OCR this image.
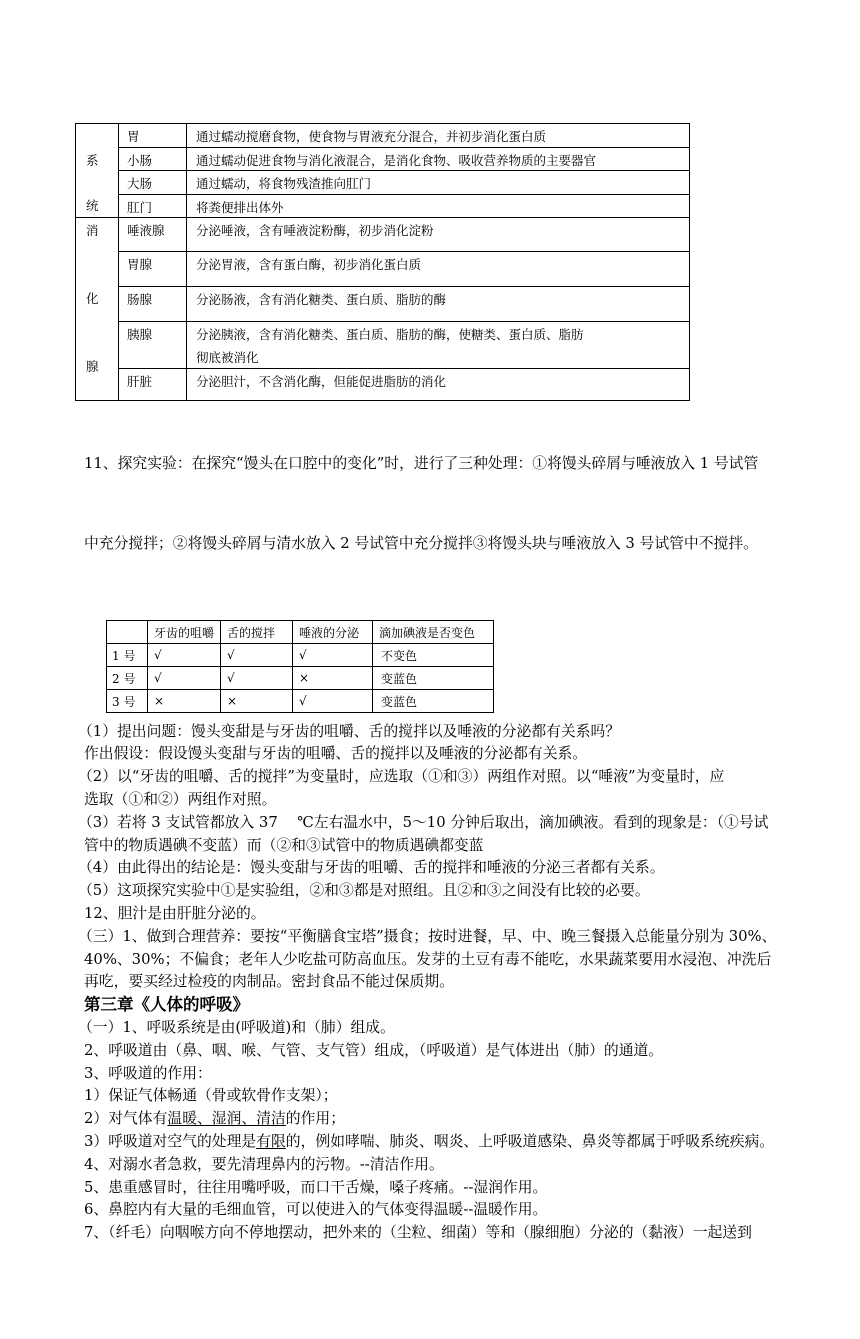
系
统
消
化
腺
胃	通过蠕动搅磨食物，使食物与胃液充分混合，并初步消化蛋白质
小肠	通过蠕动促进食物与消化液混合，是消化食物、吸收营养物质的主要器官
大肠	通过蠕动，将食物残渣推向肛门
肛门	将粪便排出体外
唾液腺	分泌唾液，含有唾液淀粉酶，初步消化淀粉
胃腺	分泌胃液，含有蛋白酶，初步消化蛋白质
肠腺	分泌肠液，含有消化糖类、蛋白质、脂肪的酶
胰腺	分泌胰液，含有消化糖类、蛋白质、脂肪的酶，使糖类、蛋白质、脂肪
彻底被消化
肝脏	分泌胆汁，不含消化酶，但能促进脂肪的消化

11、探究实验：在探究“馒头在口腔中的变化”时，进行了三种处理：①将馒头碎屑与唾液放入 1 号试管

中充分搅拌；②将馒头碎屑与清水放入 2 号试管中充分搅拌③将馒头块与唾液放入 3 号试管中不搅拌。

牙齿的咀嚼	舌的搅拌	唾液的分泌	滴加碘液是否变色
1 号	√	√	√	不变色
2 号	√	√	×	变蓝色
3 号	×	×	√	变蓝色
（1）提出问题：馒头变甜是与牙齿的咀嚼、舌的搅拌以及唾液的分泌都有关系吗？
作出假设：假设馒头变甜与牙齿的咀嚼、舌的搅拌以及唾液的分泌都有关系。
（2）以“牙齿的咀嚼、舌的搅拌”为变量时，应选取（①和③）两组作对照。以“唾液”为变量时，应
选取（①和②）两组作对照。
（3）若将 3 支试管都放入 37 　℃左右温水中，5～10 分钟后取出，滴加碘液。看到的现象是：（①号试
管中的物质遇碘不变蓝）而（②和③试管中的物质遇碘都变蓝
（4）由此得出的结论是：馒头变甜与牙齿的咀嚼、舌的搅拌和唾液的分泌三者都有关系。
（5）这项探究实验中①是实验组，②和③都是对照组。且②和③之间没有比较的必要。
12、胆汁是由肝脏分泌的。
（三）1、做到合理营养：要按“平衡膳食宝塔”摄食；按时进餐，早、中、晚三餐摄入总能量分别为 30%、
40%、30%；不偏食；老年人少吃盐可防高血压。发芽的土豆有毒不能吃，水果蔬菜要用水浸泡、冲洗后
再吃，要买经过检疫的肉制品。密封食品不能过保质期。
第三章《人体的呼吸》
（一）1、呼吸系统是由(呼吸道)和（肺）组成。
2、呼吸道由（鼻、咽、喉、气管、支气管）组成，（呼吸道）是气体进出（肺）的通道。
3、呼吸道的作用：
1）保证气体畅通（骨或软骨作支架）；
2）对气体有温暖、湿润、清洁的作用；
3）呼吸道对空气的处理是有限的，例如哮喘、肺炎、咽炎、上呼吸道感染、鼻炎等都属于呼吸系统疾病。
4、对溺水者急救，要先清理鼻内的污物。--清洁作用。
5、患重感冒时，往往用嘴呼吸，而口干舌燥，嗓子疼痛。--湿润作用。
6、鼻腔内有大量的毛细血管，可以使进入的气体变得温暖--温暖作用。
7、（纤毛）向咽喉方向不停地摆动，把外来的（尘粒、细菌）等和（腺细胞）分泌的（黏液）一起送到
